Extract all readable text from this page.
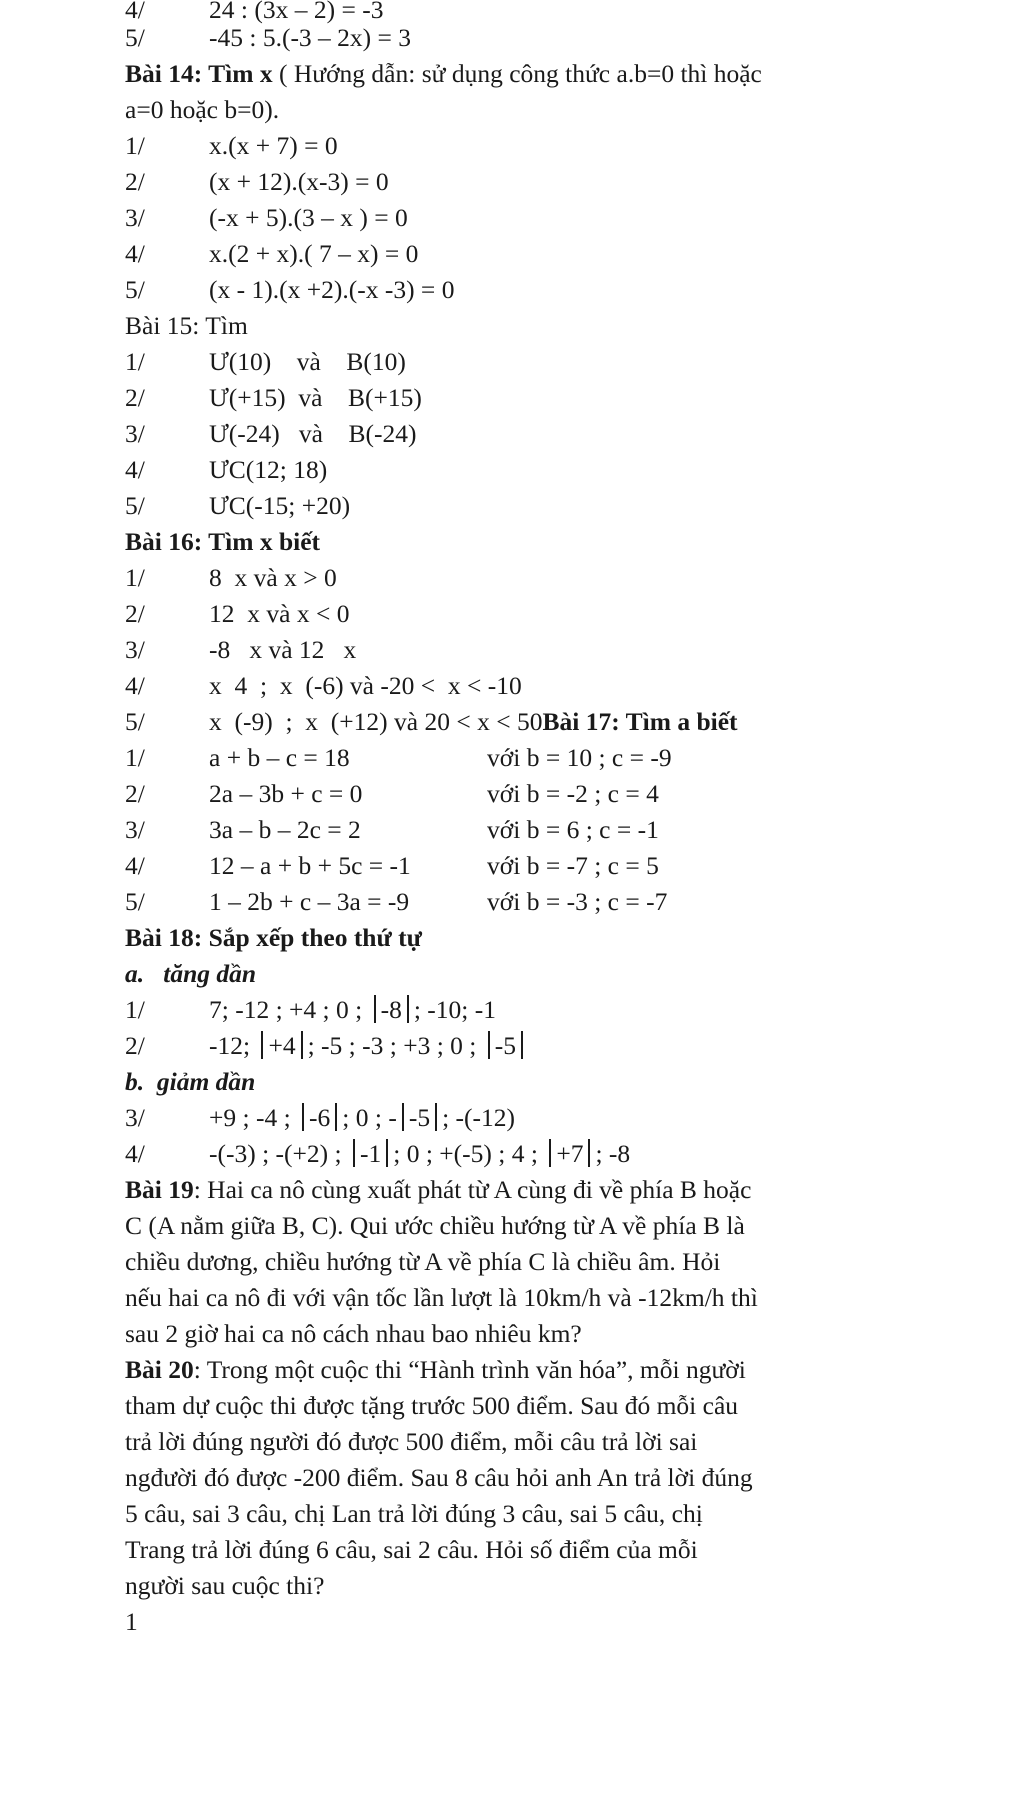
4/	24 : (3x – 2) = -3
5/	-45 : 5.(-3 – 2x) = 3
Bài 14: Tìm x ( Hướng dẫn: sử dụng công thức a.b=0 thì hoặc
a=0 hoặc b=0).
1/	x.(x + 7) = 0
2/	(x + 12).(x-3) = 0
3/	(-x + 5).(3 – x ) = 0
4/	x.(2 + x).( 7 – x) = 0
5/	(x - 1).(x +2).(-x -3) = 0
Bài 15: Tìm
1/	Ư(10)    và    B(10)
2/	Ư(+15)  và    B(+15)
3/	Ư(-24)   và    B(-24)
4/	ƯC(12; 18)
5/	ƯC(-15; +20)
Bài 16: Tìm x biết
1/	8  x và x > 0
2/	12  x và x < 0
3/	-8   x và 12   x
4/	x  4  ;  x  (-6) và -20 <  x < -10
5/	x  (-9)  ;  x  (+12) và 20 < x < 50Bài 17: Tìm a biết
1/	a + b – c = 18	với b = 10 ; c = -9
2/	2a – 3b + c = 0	với b = -2 ; c = 4
3/	3a – b – 2c = 2	với b = 6 ; c = -1
4/	12 – a + b + 5c = -1	với b = -7 ; c = 5
5/	1 – 2b + c – 3a = -9	với b = -3 ; c = -7
Bài 18: Sắp xếp theo thứ tự
a.   tăng dần
1/	7; -12 ; +4 ; 0 ; -8 ; -10; -1
2/	-12; +4 ; -5 ; -3 ; +3 ; 0 ; -5
b.  giảm dần
3/	+9 ; -4 ; -6 ; 0 ; - -5 ; -(-12)
4/	-(-3) ; -(+2) ; -1 ; 0 ; +(-5) ; 4 ; +7 ; -8
Bài 19: Hai ca nô cùng xuất phát từ A cùng đi về phía B hoặc
C (A nằm giữa B, C). Qui ước chiều hướng từ A về phía B là
chiều dương, chiều hướng từ A về phía C là chiều âm. Hỏi
nếu hai ca nô đi với vận tốc lần lượt là 10km/h và -12km/h thì
sau 2 giờ hai ca nô cách nhau bao nhiêu km?
Bài 20: Trong một cuộc thi “Hành trình văn hóa”, mỗi người
tham dự cuộc thi được tặng trước 500 điểm. Sau đó mỗi câu
trả lời đúng người đó được 500 điểm, mỗi câu trả lời sai
ngđười đó được -200 điểm. Sau 8 câu hỏi anh An trả lời đúng
5 câu, sai 3 câu, chị Lan trả lời đúng 3 câu, sai 5 câu, chị
Trang trả lời đúng 6 câu, sai 2 câu. Hỏi số điểm của mỗi
người sau cuộc thi?
1
